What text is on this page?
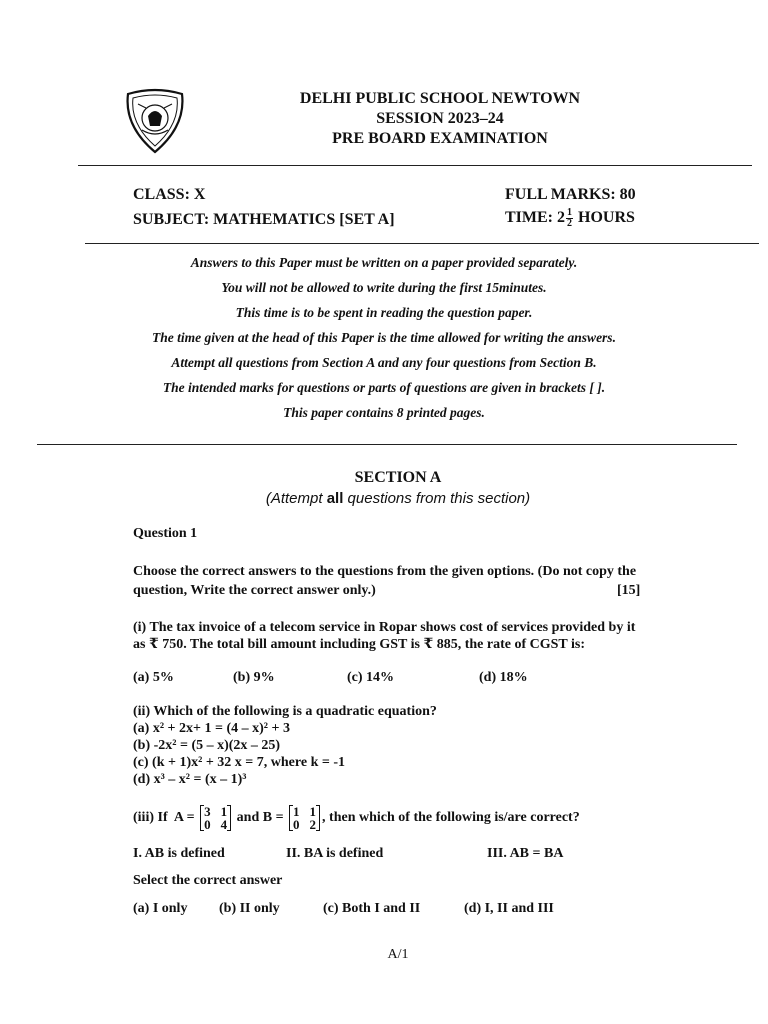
DELHI PUBLIC SCHOOL NEWTOWN
SESSION 2023–24
PRE BOARD EXAMINATION
CLASS: X
SUBJECT: MATHEMATICS [SET A]
FULL MARKS: 80
TIME: $2 \frac{1}{2}$ HOURS
Answers to this Paper must be written on a paper provided separately.
You will not be allowed to write during the first 15minutes.
This time is to be spent in reading the question paper.
The time given at the head of this Paper is the time allowed for writing the answers.
Attempt all questions from Section A and any four questions from Section B.
The intended marks for questions or parts of questions are given in brackets [ ].
This paper contains 8 printed pages.
SECTION A
(Attempt all questions from this section)
Question 1
Choose the correct answers to the questions from the given options. (Do not copy the
question, Write the correct answer only.)	[15]
(i) The tax invoice of a telecom service in Ropar shows cost of services provided by it
as ₹ 750. The total bill amount including GST is ₹ 885, the rate of CGST is:
(a) 5%	(b) 9%	(c) 14%	(d) 18%
(ii) Which of the following is a quadratic equation?
(a) x² + 2x+ 1 = (4 – x)² + 3
(b) -2x² = (5 – x)(2x – 25)
(c) (k + 1)x² + 32 x = 7, where k = -1
(d) x³ – x² = (x – 1)³
(iii) If  A = 3 1
0 4 and B = 1 1
0 2 , then which of the following is/are correct?
I. AB is defined	II. BA is defined	III. AB = BA
Select the correct answer
(a) I only (b) II only	(c) Both I and II	(d) I, II and III
A/1
